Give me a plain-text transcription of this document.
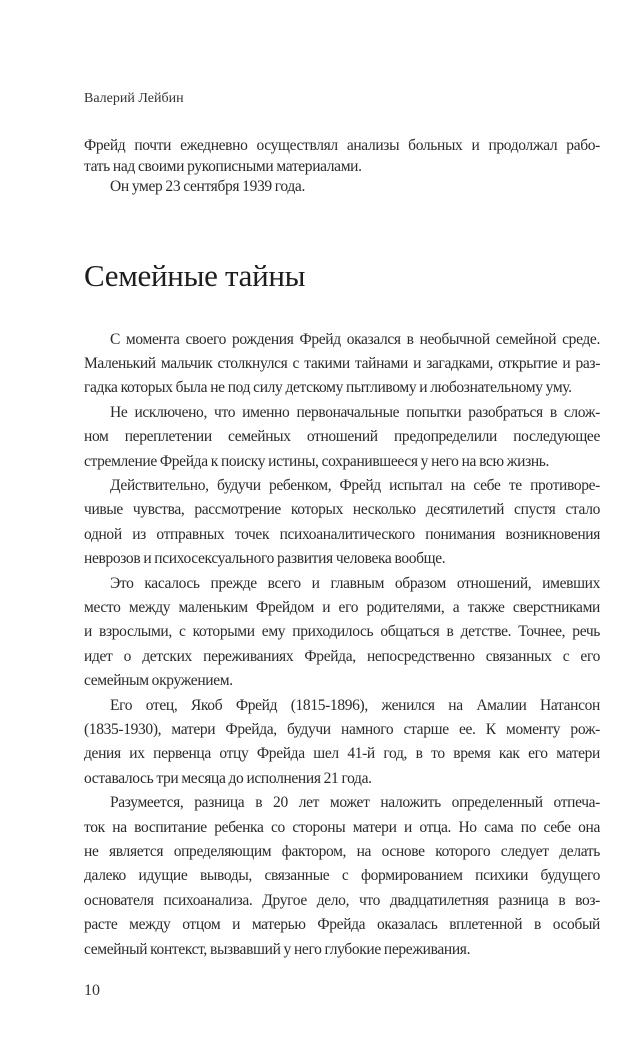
Валерий Лейбин
Фрейд почти ежедневно осуществлял анализы больных и продолжал рабо-
тать над своими рукописными материалами.
Он умер 23 сентября 1939 года.
Семейные тайны
С момента своего рождения Фрейд оказался в необычной семейной среде.
Маленький мальчик столкнулся с такими тайнами и загадками, открытие и раз-
гадка которых была не под силу детскому пытливому и любознательному уму.
Не исключено, что именно первоначальные попытки разобраться в слож-
ном переплетении семейных отношений предопределили последующее
стремление Фрейда к поиску истины, сохранившееся у него на всю жизнь.
Действительно, будучи ребенком, Фрейд испытал на себе те противоре-
чивые чувства, рассмотрение которых несколько десятилетий спустя стало
одной из отправных точек психоаналитического понимания возникновения
неврозов и психосексуального развития человека вообще.
Это касалось прежде всего и главным образом отношений, имевших
место между маленьким Фрейдом и его родителями, а также сверстниками
и взрослыми, с которыми ему приходилось общаться в детстве. Точнее, речь
идет о детских переживаниях Фрейда, непосредственно связанных с его
семейным окружением.
Его отец, Якоб Фрейд (1815-1896), женился на Амалии Натансон
(1835-1930), матери Фрейда, будучи намного старше ее. К моменту рож-
дения их первенца отцу Фрейда шел 41-й год, в то время как его матери
оставалось три месяца до исполнения 21 года.
Разумеется, разница в 20 лет может наложить определенный отпеча-
ток на воспитание ребенка со стороны матери и отца. Но сама по себе она
не является определяющим фактором, на основе которого следует делать
далеко идущие выводы, связанные с формированием психики будущего
основателя психоанализа. Другое дело, что двадцатилетняя разница в воз-
расте между отцом и матерью Фрейда оказалась вплетенной в особый
семейный контекст, вызвавший у него глубокие переживания.
10
